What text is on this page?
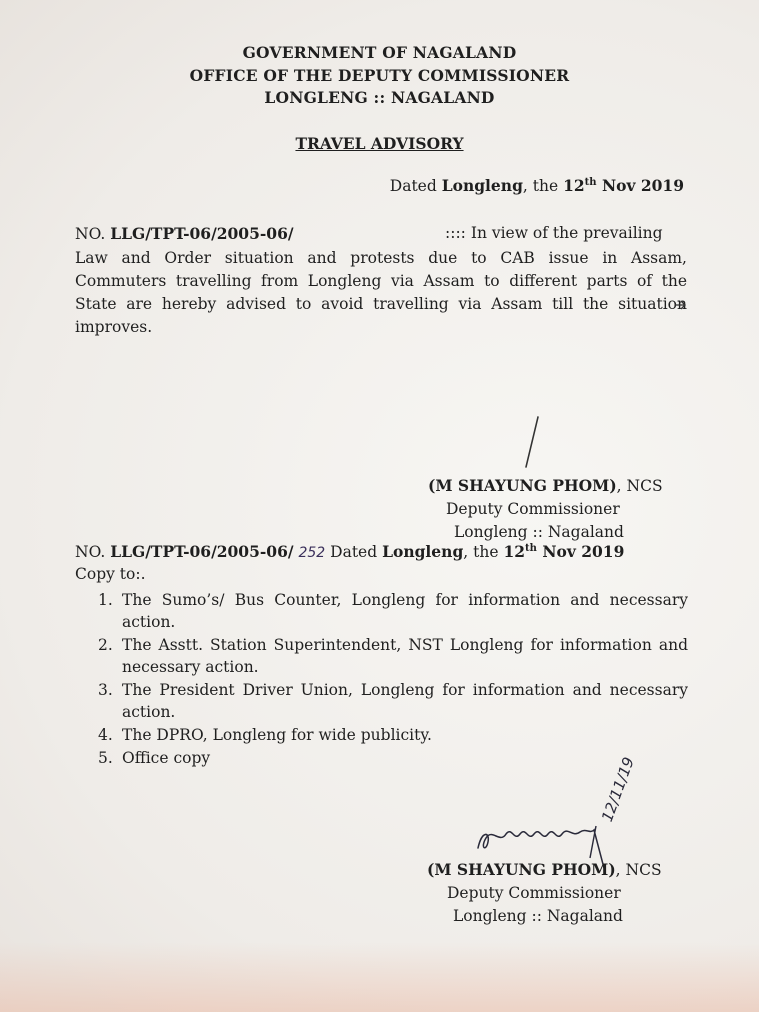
GOVERNMENT OF NAGALAND
OFFICE OF THE DEPUTY COMMISSIONER
LONGLENG :: NAGALAND
TRAVEL ADVISORY
Dated Longleng, the 12th Nov 2019
NO. LLG/TPT-06/2005-06/	:::: In view of the prevailing
Law and Order situation and protests due to CAB issue in Assam,
Commuters travelling from Longleng via Assam to different parts of the
State are hereby advised to avoid travelling via Assam till the situation
improves.
(M SHAYUNG PHOM), NCS
Deputy Commissioner
Longleng :: Nagaland
NO. LLG/TPT-06/2005-06/ 252 Dated Longleng, the 12th Nov 2019
Copy to:.
1. The Sumo’s/ Bus Counter, Longleng for information and necessary action.
2. The Asstt. Station Superintendent, NST Longleng for information and necessary action.
3. The President Driver Union, Longleng for information and necessary action.
4. The DPRO, Longleng for wide publicity.
5. Office copy	12/11/19
(M SHAYUNG PHOM), NCS
Deputy Commissioner
Longleng :: Nagaland
